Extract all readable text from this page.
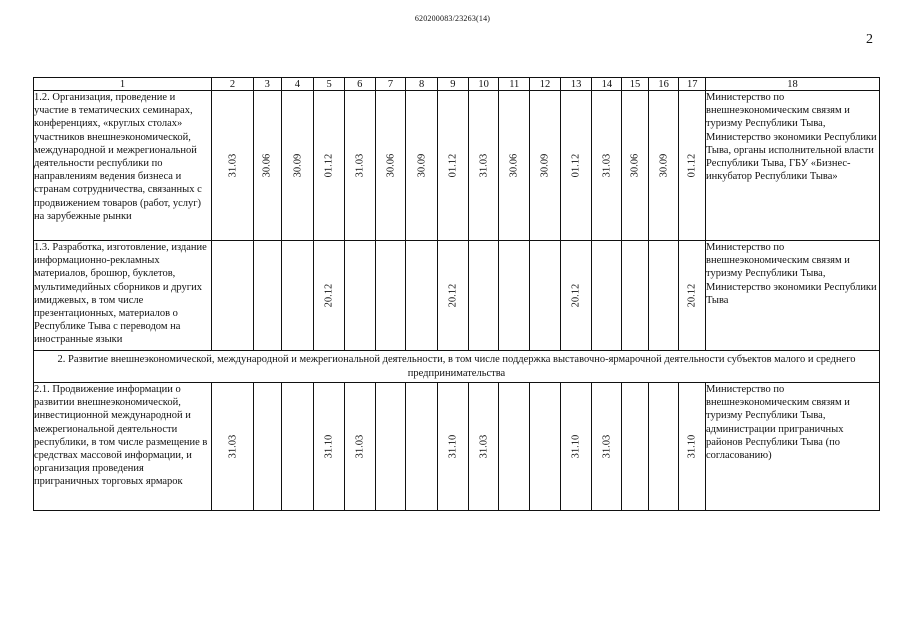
620200083/23263(14)
2
1	2	3	4	5	6	7	8	9	10	11	12	13	14	15	16	17	18
1.2. Организация, проведение и участие в тематических семинарах, конференциях, «круглых столах» участников внешнеэкономической, международной и межрегиональной деятельности республики по направлениям ведения бизнеса и странам сотрудничества, связанных с продвижением товаров (работ, услуг) на зарубежные рынки	31.03	30.06	30.09	01.12	31.03	30.06	30.09	01.12	31.03	30.06	30.09	01.12	31.03	30.06	30.09	01.12	Министерство по внешнеэкономическим связям и туризму Республики Тыва, Министерство экономики Республики Тыва, органы исполнительной власти Республики Тыва, ГБУ «Бизнес-инкубатор Республики Тыва»
1.3. Разработка, изготовление, издание информационно-рекламных материалов, брошюр, буклетов, мультимедийных сборников и других имиджевых, в том числе презентационных, материалов о Республике Тыва с переводом на иностранные языки				20.12				20.12				20.12				20.12	Министерство по внешнеэкономическим связям и туризму Республики Тыва, Министерство экономики Республики Тыва
2. Развитие внешнеэкономической, международной и межрегиональной деятельности, в том числе поддержка выставочно-ярмарочной деятельности субъектов малого и среднего предпринимательства																	
2.1. Продвижение информации о развитии внешнеэкономической, инвестиционной международной и межрегиональной деятельности республики, в том числе размещение в средствах массовой информации, и организация проведения приграничных торговых ярмарок	31.03			31.10	31.03			31.10	31.03			31.10	31.03			31.10	Министерство по внешнеэкономическим связям и туризму Республики Тыва, администрации приграничных районов Республики Тыва (по согласованию)
